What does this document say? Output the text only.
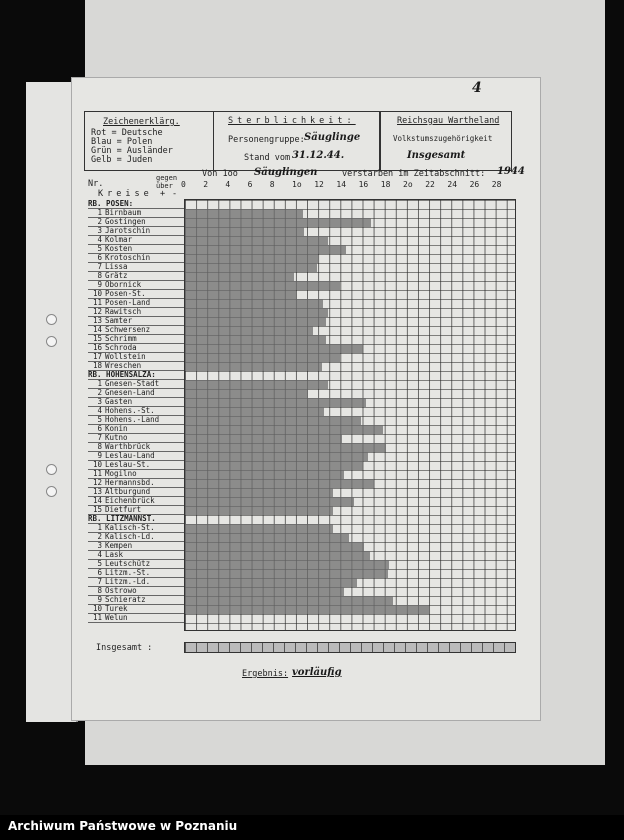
4
Zeichenerklärg.
Rot = Deutsche
Blau = Polen
Grün = Ausländer
Gelb = Juden
Sterblichkeit:
Personengruppe: Säuglinge
Stand vom 31.12.44.
Reichsgau Wartheland
Volkstumszugehörigkeit
Insgesamt
Von 1oo Säuglingen	verstarben im Zeitabschnitt: 1944
Nr.
Kreise
gegen über
+ -
0 2 4 6 8 1o 12 14 16 18 2o 22 24 26 28
RB. POSEN:
1 Birnbaum
2 Gostingen
3 Jarotschin
4 Kolmar
5 Kosten
6 Krotoschin
7 Lissa
8 Grätz
9 Obornick
10 Posen-St.
11 Posen-Land
12 Rawitsch
13 Samter
14 Schwersenz
15 Schrimm
16 Schroda
17 Wollstein
18 Wreschen
RB. HOHENSALZA:
1 Gnesen-Stadt
2 Gnesen-Land
3 Gasten
4 Hohens.-St.
5 Hohens.-Land
6 Konin
7 Kutno
8 Warthbrück
9 Leslau-Land
10 Leslau-St.
11 Mogilno
12 Hermannsbd.
13 Altburgund
14 Eichenbrück
15 Dietfurt
RB. LITZMANNST.
1 Kalisch-St.
2 Kalisch-Ld.
3 Kempen
4 Lask
5 Leutschütz
6 Litzm.-St.
7 Litzm.-Ld.
8 Ostrowo
9 Schieratz
10 Turek
11 Welun
Insgesamt :
Ergebnis: vorläufig
Archiwum Państwowe w Poznaniu
